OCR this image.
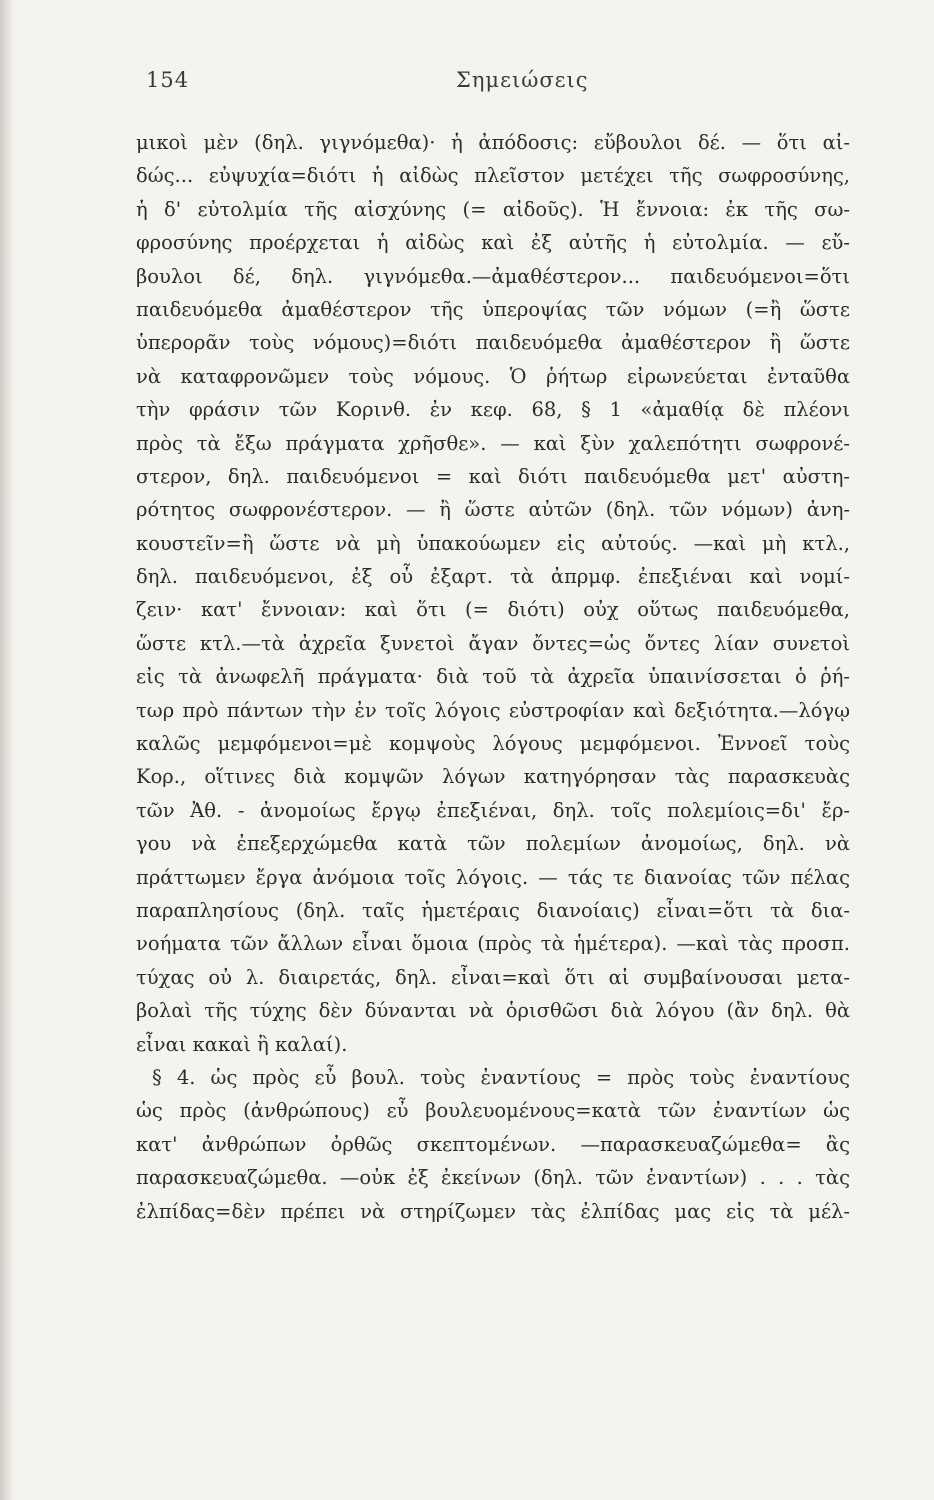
154	Σημειώσεις
μικοὶ μὲν (δηλ. γιγνόμεθα)· ἡ ἀπόδοσις: εὔβουλοι δέ. — ὅτι αἰ-
δώς... εὐψυχία=διότι ἡ αἰδὼς πλεῖστον μετέχει τῆς σωφροσύνης,
ἡ δ' εὐτολμία τῆς αἰσχύνης (= αἰδοῦς). Ἡ ἔννοια: ἐκ τῆς σω-
φροσύνης προέρχεται ἡ αἰδὼς καὶ ἐξ αὐτῆς ἡ εὐτολμία. — εὔ-
βουλοι δέ, δηλ. γιγνόμεθα.—ἀμαθέστερον... παιδευόμενοι=ὅτι
παιδευόμεθα ἀμαθέστερον τῆς ὑπεροψίας τῶν νόμων (=ἢ ὥστε
ὑπερορᾶν τοὺς νόμους)=διότι παιδευόμεθα ἀμαθέστερον ἢ ὥστε
νὰ καταφρονῶμεν τοὺς νόμους. Ὁ ῥήτωρ εἰρωνεύεται ἐνταῦθα
τὴν φράσιν τῶν Κορινθ. ἐν κεφ. 68, § 1 «ἀμαθίᾳ δὲ πλέονι
πρὸς τὰ ἔξω πράγματα χρῆσθε». — καὶ ξὺν χαλεπότητι σωφρονέ-
στερον, δηλ. παιδευόμενοι = καὶ διότι παιδευόμεθα μετ' αὐστη-
ρότητος σωφρονέστερον. — ἢ ὥστε αὐτῶν (δηλ. τῶν νόμων) ἀνη-
κουστεῖν=ἢ ὥστε νὰ μὴ ὑπακούωμεν εἰς αὐτούς. —καὶ μὴ κτλ.,
δηλ. παιδευόμενοι, ἐξ οὗ ἐξαρτ. τὰ ἀπρμφ. ἐπεξιέναι καὶ νομί-
ζειν· κατ' ἔννοιαν: καὶ ὅτι (= διότι) οὐχ οὕτως παιδευόμεθα,
ὥστε κτλ.—τὰ ἀχρεῖα ξυνετοὶ ἄγαν ὄντες=ὡς ὄντες λίαν συνετοὶ
εἰς τὰ ἀνωφελῆ πράγματα· διὰ τοῦ τὰ ἀχρεῖα ὑπαινίσσεται ὁ ῥή-
τωρ πρὸ πάντων τὴν ἐν τοῖς λόγοις εὐστροφίαν καὶ δεξιότητα.—λόγῳ
καλῶς μεμφόμενοι=μὲ κομψοὺς λόγους μεμφόμενοι. Ἐννοεῖ τοὺς
Κορ., οἵτινες διὰ κομψῶν λόγων κατηγόρησαν τὰς παρασκευὰς
τῶν Ἀθ. - ἀνομοίως ἔργῳ ἐπεξιέναι, δηλ. τοῖς πολεμίοις=δι' ἔρ-
γου νὰ ἐπεξερχώμεθα κατὰ τῶν πολεμίων ἀνομοίως, δηλ. νὰ
πράττωμεν ἔργα ἀνόμοια τοῖς λόγοις. — τάς τε διανοίας τῶν πέλας
παραπλησίους (δηλ. ταῖς ἡμετέραις διανοίαις) εἶναι=ὅτι τὰ δια-
νοήματα τῶν ἄλλων εἶναι ὅμοια (πρὸς τὰ ἡμέτερα). —καὶ τὰς προσπ.
τύχας οὐ λ. διαιρετάς, δηλ. εἶναι=καὶ ὅτι αἱ συμβαίνουσαι μετα-
βολαὶ τῆς τύχης δὲν δύνανται νὰ ὁρισθῶσι διὰ λόγου (ἂν δηλ. θὰ
εἶναι κακαὶ ἢ καλαί).
§ 4. ὡς πρὸς εὖ βουλ. τοὺς ἐναντίους = πρὸς τοὺς ἐναντίους
ὡς πρὸς (ἀνθρώπους) εὖ βουλευομένους=κατὰ τῶν ἐναντίων ὡς
κατ' ἀνθρώπων ὀρθῶς σκεπτομένων. —παρασκευαζώμεθα= ἂς
παρασκευαζώμεθα. —οὐκ ἐξ ἐκείνων (δηλ. τῶν ἐναντίων) . . . τὰς
ἐλπίδας=δὲν πρέπει νὰ στηρίζωμεν τὰς ἐλπίδας μας εἰς τὰ μέλ-
